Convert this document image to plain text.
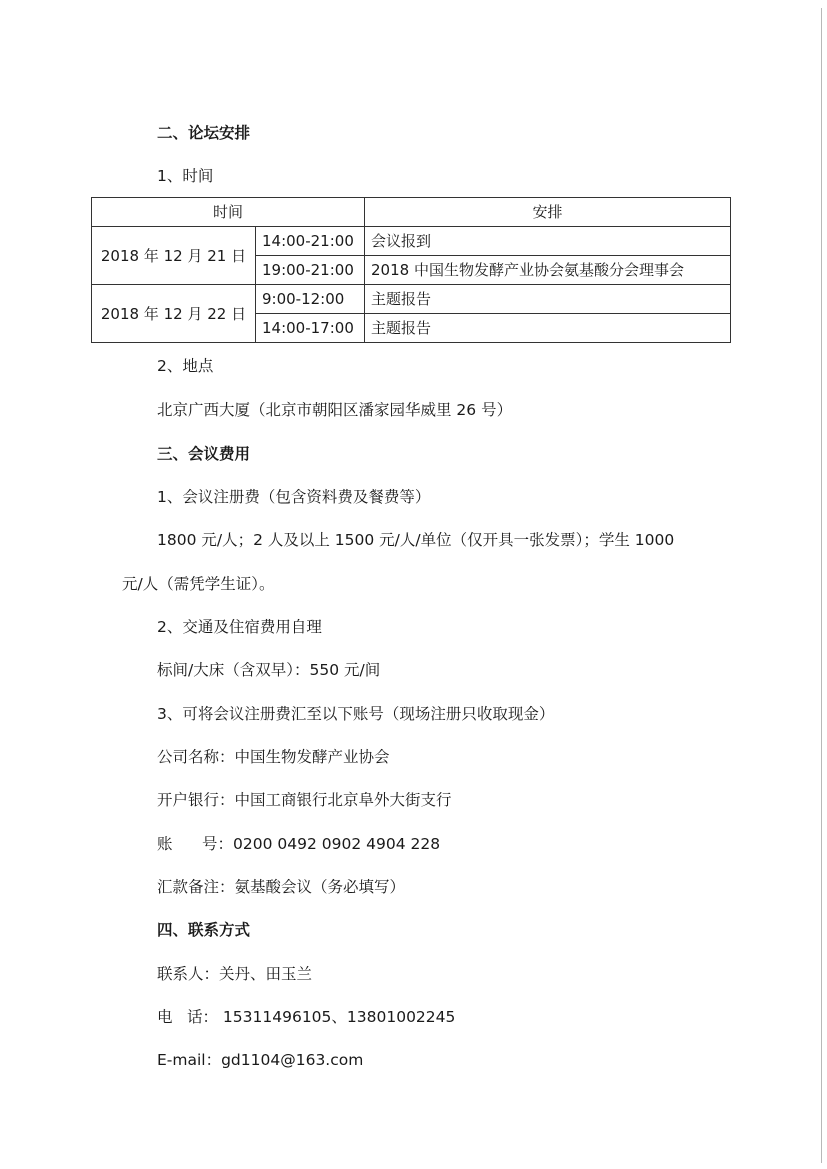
二、论坛安排
1、时间
时间		安排
2018 年 12 月 21 日	14:00-21:00	会议报到
	19:00-21:00	2018 中国生物发酵产业协会氨基酸分会理事会
2018 年 12 月 22 日	9:00-12:00	主题报告
	14:00-17:00	主题报告
2、地点
北京广西大厦（北京市朝阳区潘家园华威里 26 号）
三、会议费用
1、会议注册费（包含资料费及餐费等）
1800 元/人；2 人及以上 1500 元/人/单位（仅开具一张发票）；学生 1000
元/人（需凭学生证）。
2、交通及住宿费用自理
标间/大床（含双早）：550 元/间
3、可将会议注册费汇至以下账号（现场注册只收取现金）
公司名称：中国生物发酵产业协会
开户银行：中国工商银行北京阜外大街支行
账 号：0200 0492 0902 4904 228
汇款备注：氨基酸会议（务必填写）
四、联系方式
联系人：关丹、田玉兰
电 话： 15311496105、13801002245
E-mail：gd1104@163.com
